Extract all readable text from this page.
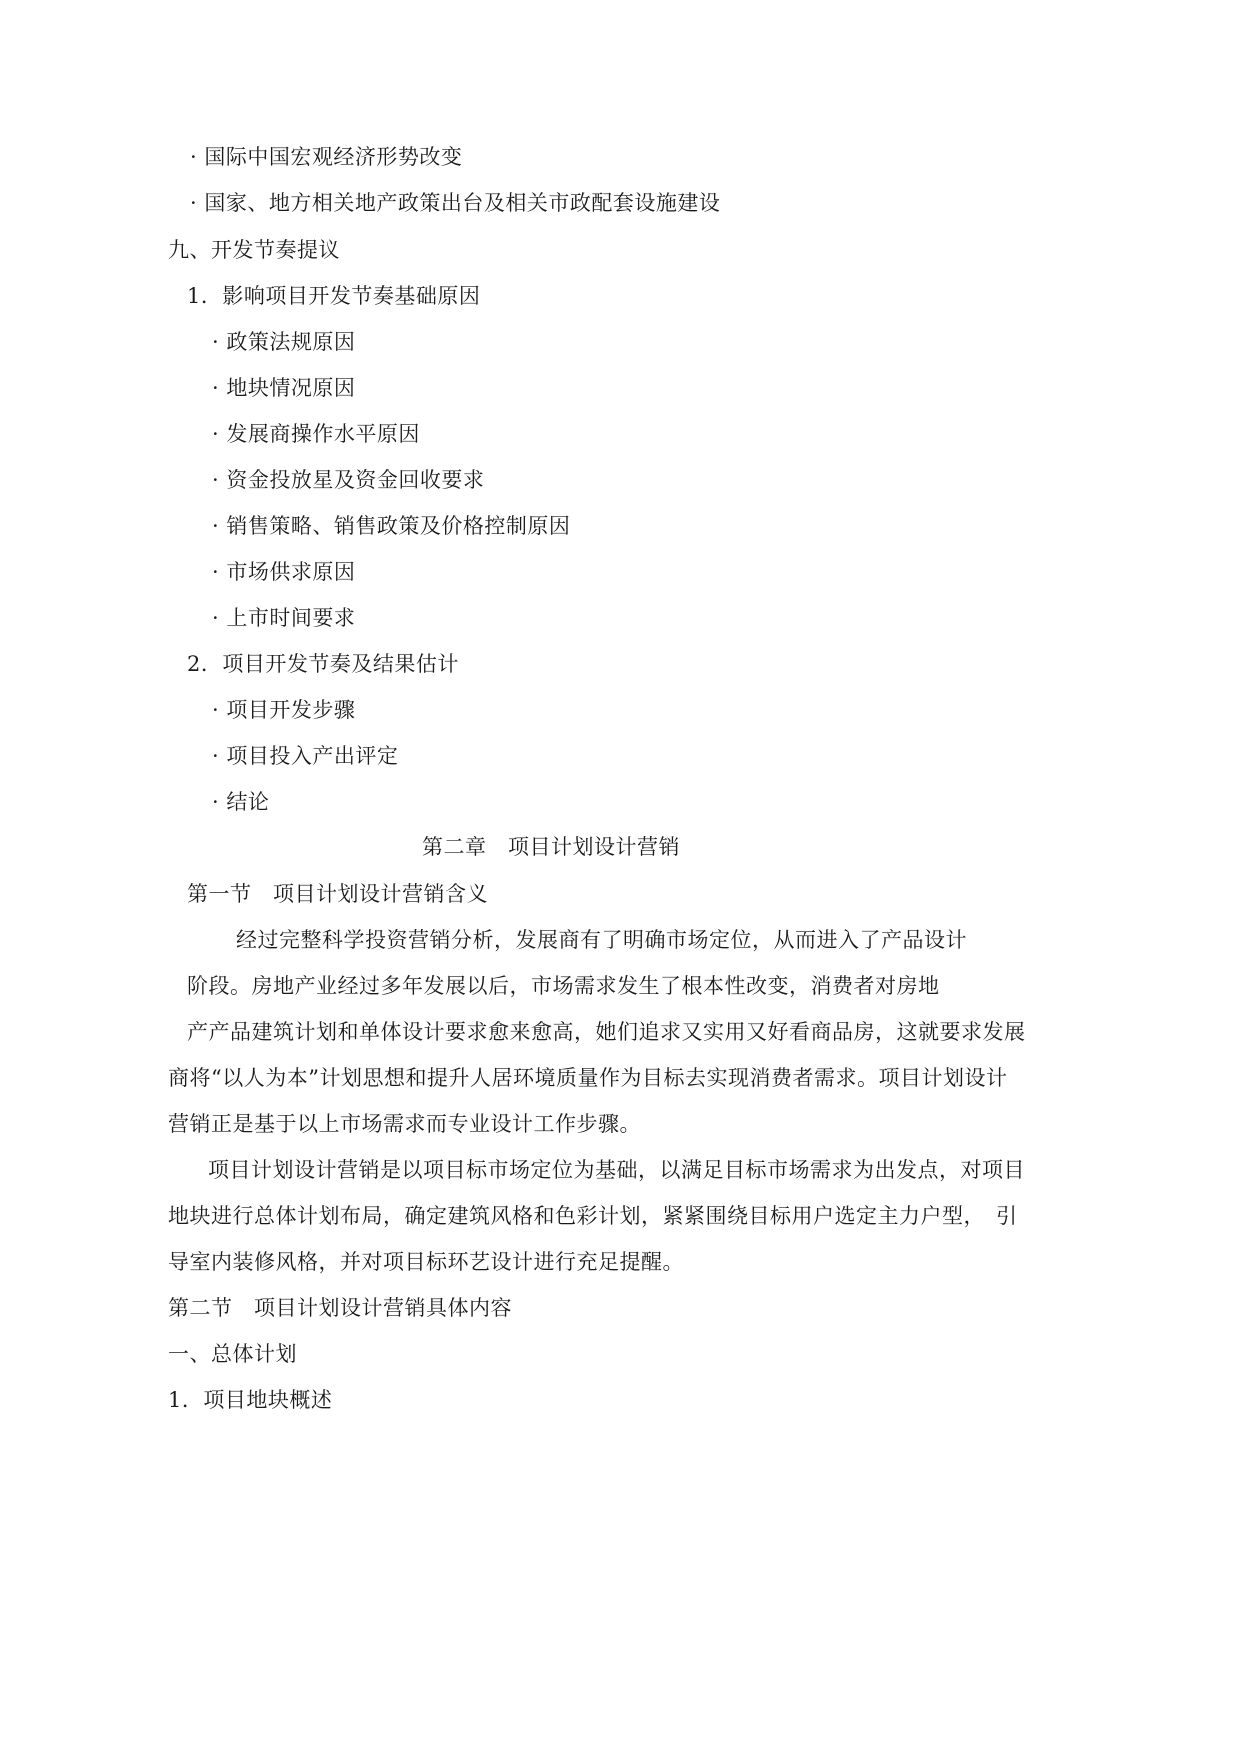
· 国际中国宏观经济形势改变
· 国家、地方相关地产政策出台及相关市政配套设施建设
九、开发节奏提议
1．影响项目开发节奏基础原因
· 政策法规原因
· 地块情况原因
· 发展商操作水平原因
· 资金投放星及资金回收要求
· 销售策略、销售政策及价格控制原因
· 市场供求原因
· 上市时间要求
2．项目开发节奏及结果估计
· 项目开发步骤
· 项目投入产出评定
· 结论
第二章　项目计划设计营销
第一节　项目计划设计营销含义
经过完整科学投资营销分析，发展商有了明确市场定位，从而进入了产品设计
阶段。房地产业经过多年发展以后，市场需求发生了根本性改变，消费者对房地
产产品建筑计划和单体设计要求愈来愈高，她们追求又实用又好看商品房，这就要求发展
商将“以人为本”计划思想和提升人居环境质量作为目标去实现消费者需求。项目计划设计
营销正是基于以上市场需求而专业设计工作步骤。
项目计划设计营销是以项目标市场定位为基础，以满足目标市场需求为出发点，对项目
地块进行总体计划布局，确定建筑风格和色彩计划，紧紧围绕目标用户选定主力户型，　引
导室内装修风格，并对项目标环艺设计进行充足提醒。
第二节　项目计划设计营销具体内容
一、总体计划
1．项目地块概述
